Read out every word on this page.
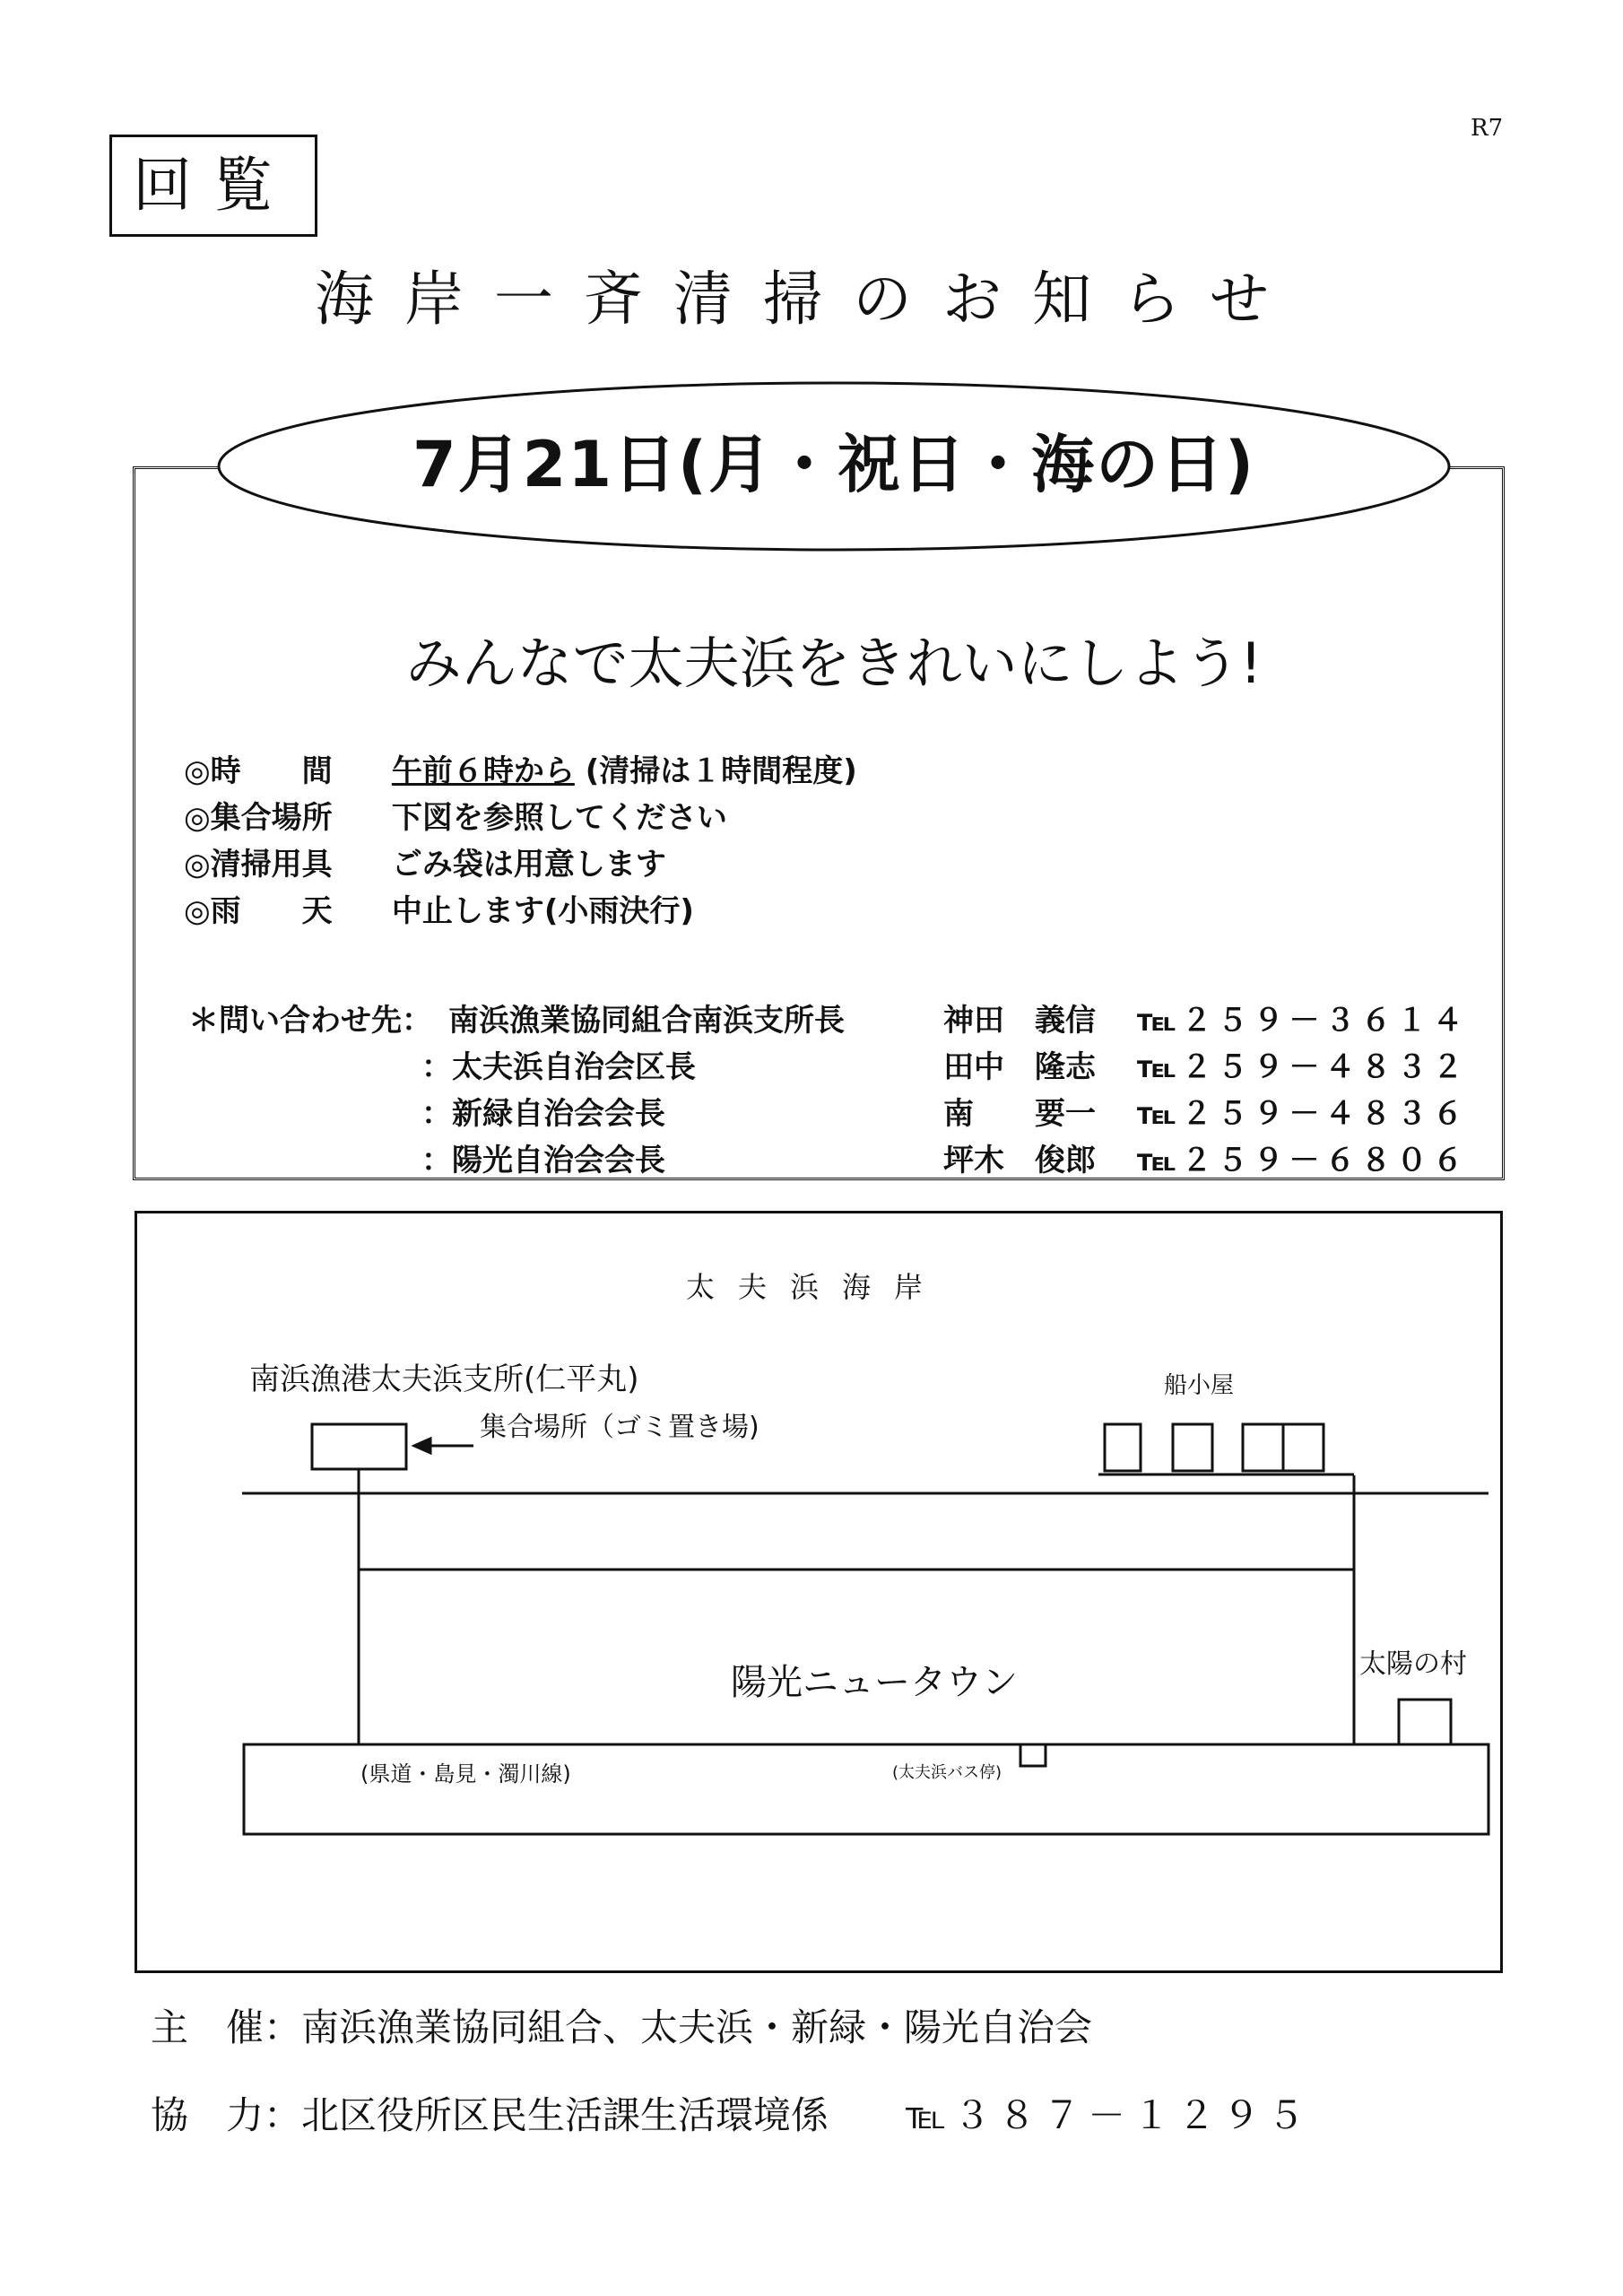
R7
回覧
海岸一斉清掃のお知らせ
7月21日(月・祝日・海の日)
みんなで太夫浜をきれいにしよう!
◎時　　間 午前６時から (清掃は１時間程度)
◎集合場所 下図を参照してください
◎清掃用具 ごみ袋は用意します
◎雨　　天 中止します(小雨決行)
＊問い合わせ先： 南浜漁業協同組合南浜支所長	神田　義信 ℡２５９－３６１４
：太夫浜自治会区長	田中　隆志 ℡２５９－４８３２
：新緑自治会会長	南　　要一 ℡２５９－４８３６
：陽光自治会会長	坪木　俊郎 ℡２５９－６８０６
太夫浜海岸
南浜漁港太夫浜支所(仁平丸)
集合場所（ゴミ置き場)
船小屋
陽光ニュータウン	太陽の村
(県道・島見・濁川線)	(太夫浜バス停)
主　催：南浜漁業協同組合、太夫浜・新緑・陽光自治会
協　力：北区役所区民生活課生活環境係 ℡３８７－１２９５
